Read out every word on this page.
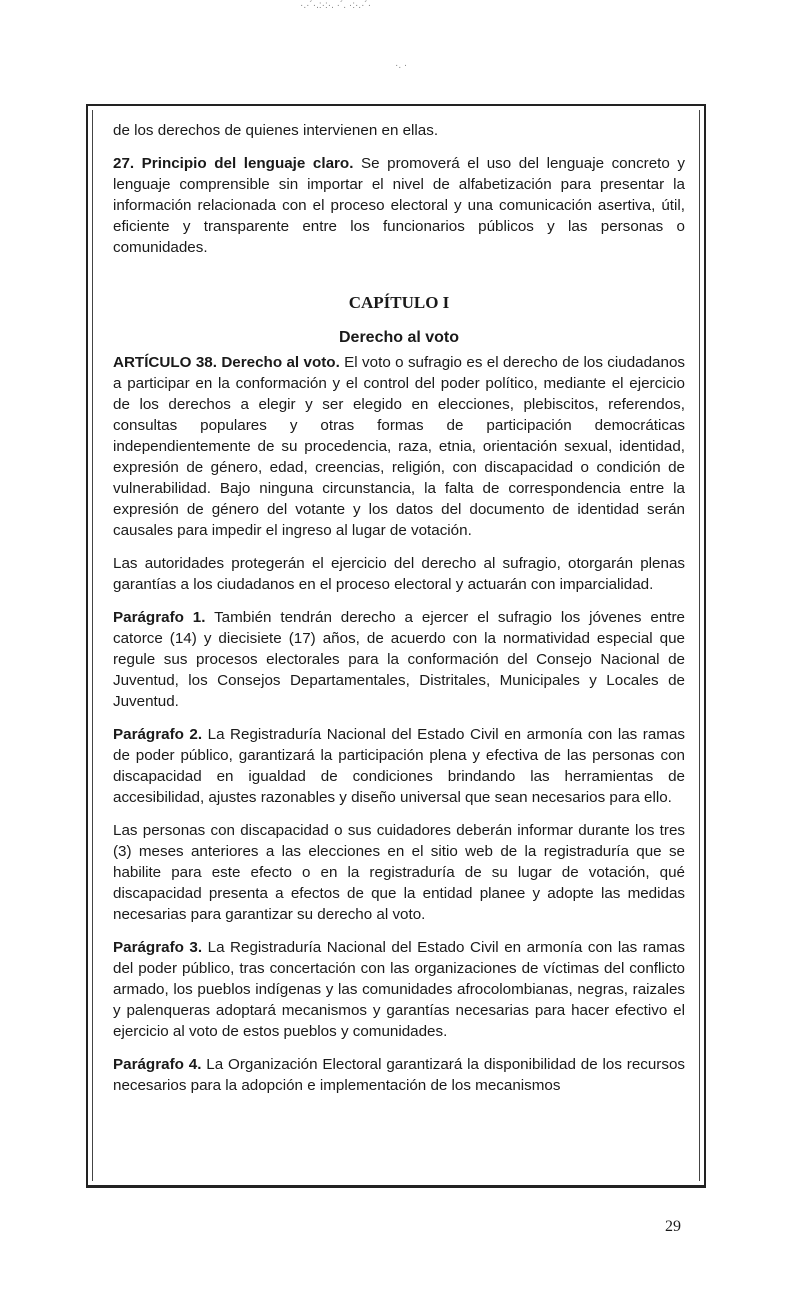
·.·´·.:·:·. ·´. ·:·.·´·
·. ·

de los derechos de quienes intervienen en ellas.

27. Principio del lenguaje claro. Se promoverá el uso del lenguaje concreto y lenguaje comprensible sin importar el nivel de alfabetización para presentar la información relacionada con el proceso electoral y una comunicación asertiva, útil, eficiente y transparente entre los funcionarios públicos y las personas o comunidades.

CAPÍTULO I

Derecho al voto

ARTÍCULO 38. Derecho al voto. El voto o sufragio es el derecho de los ciudadanos a participar en la conformación y el control del poder político, mediante el ejercicio de los derechos a elegir y ser elegido en elecciones, plebiscitos, referendos, consultas populares y otras formas de participación democráticas independientemente de su procedencia, raza, etnia, orientación sexual, identidad, expresión de género, edad, creencias, religión, con discapacidad o condición de vulnerabilidad. Bajo ninguna circunstancia, la falta de correspondencia entre la expresión de género del votante y los datos del documento de identidad serán causales para impedir el ingreso al lugar de votación.

Las autoridades protegerán el ejercicio del derecho al sufragio, otorgarán plenas garantías a los ciudadanos en el proceso electoral y actuarán con imparcialidad.

Parágrafo 1. También tendrán derecho a ejercer el sufragio los jóvenes entre catorce (14) y diecisiete (17) años, de acuerdo con la normatividad especial que regule sus procesos electorales para la conformación del Consejo Nacional de Juventud, los Consejos Departamentales, Distritales, Municipales y Locales de Juventud.

Parágrafo 2. La Registraduría Nacional del Estado Civil en armonía con las ramas de poder público, garantizará la participación plena y efectiva de las personas con discapacidad en igualdad de condiciones brindando las herramientas de accesibilidad, ajustes razonables y diseño universal que sean necesarios para ello.

Las personas con discapacidad o sus cuidadores deberán informar durante los tres (3) meses anteriores a las elecciones en el sitio web de la registraduría que se habilite para este efecto o en la registraduría de su lugar de votación, qué discapacidad presenta a efectos de que la entidad planee y adopte las medidas necesarias para garantizar su derecho al voto.

Parágrafo 3. La Registraduría Nacional del Estado Civil en armonía con las ramas del poder público, tras concertación con las organizaciones de víctimas del conflicto armado, los pueblos indígenas y las comunidades afrocolombianas, negras, raizales y palenqueras adoptará mecanismos y garantías necesarias para hacer efectivo el ejercicio al voto de estos pueblos y comunidades.

Parágrafo 4. La Organización Electoral garantizará la disponibilidad de los recursos necesarios para la adopción e implementación de los mecanismos

29
